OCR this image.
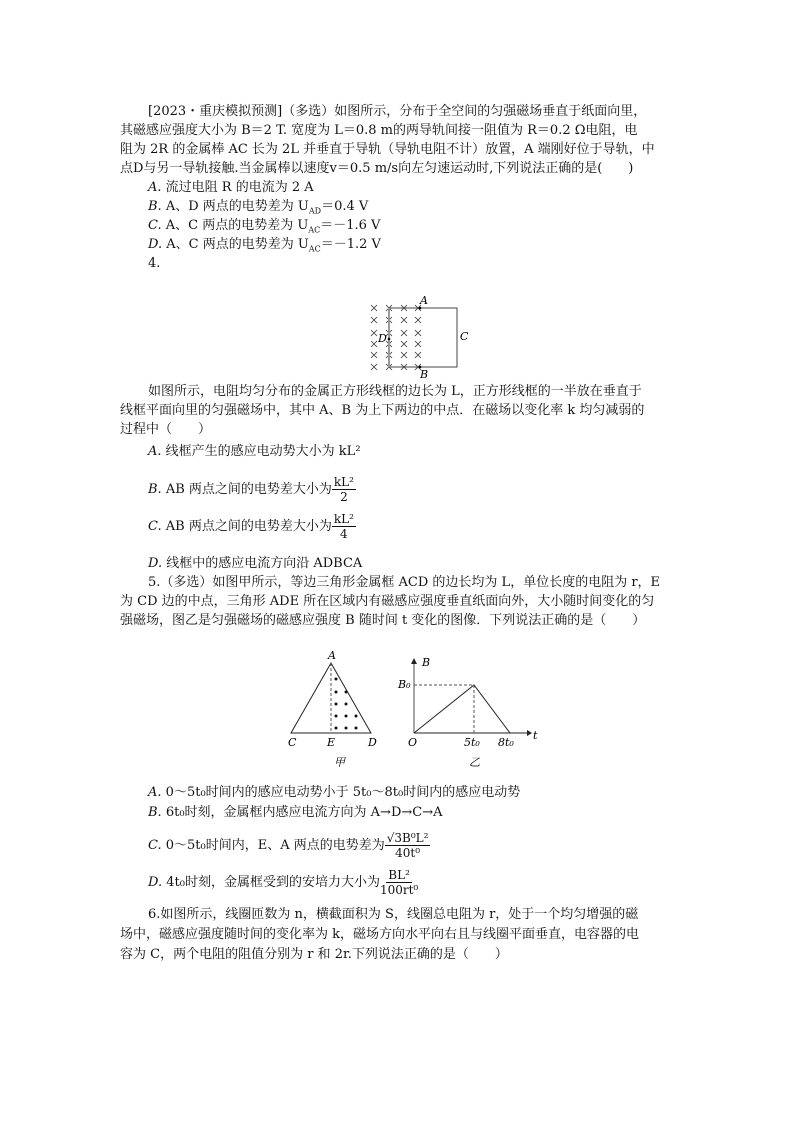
[2023・重庆模拟预测]（多选）如图所示，分布于全空间的匀强磁场垂直于纸面向里，
其磁感应强度大小为 B＝2 T. 宽度为 L＝0.8 m的两导轨间接一阻值为 R＝0.2 Ω电阻，电
阻为 2R 的金属棒 AC 长为 2L 并垂直于导轨（导轨电阻不计）放置，A 端刚好位于导轨，中
点D与另一导轨接触.当金属棒以速度v＝0.5 m/s向左匀速运动时,下列说法正确的是(　　)
A. 流过电阻 R 的电流为 2 A
B. A、D 两点的电势差为 $U_{AD}=0.4$ V
C. A、C 两点的电势差为 $U_{AC}=-1.6$ V
D. A、C 两点的电势差为 $U_{AC}=-1.2$ V
4.
A
B
C
D
如图所示，电阻均匀分布的金属正方形线框的边长为 L，正方形线框的一半放在垂直于
线框平面向里的匀强磁场中，其中 A、B 为上下两边的中点．在磁场以变化率 k 均匀减弱的
过程中（　　）
A. 线框产生的感应电动势大小为 kL²
B. AB 两点之间的电势差大小为 $\frac{\text{kL²}}{2}$
C. AB 两点之间的电势差大小为 $\frac{\text{kL²}}{4}$
D. 线框中的感应电流方向沿 ADBCA
5.（多选）如图甲所示，等边三角形金属框 ACD 的边长均为 L，单位长度的电阻为 r，E
为 CD 边的中点，三角形 ADE 所在区域内有磁感应强度垂直纸面向外，大小随时间变化的匀
强磁场，图乙是匀强磁场的磁感应强度 B 随时间 t 变化的图像．下列说法正确的是（　　）
A
C	E	D
甲
B
t
O
B₀
5t₀ 8t₀
乙
A. 0～5t₀时间内的感应电动势小于 5t₀～8t₀时间内的感应电动势
B. 6t₀时刻，金属框内感应电流方向为 A→D→C→A
C. 0～5t₀时间内，E、A 两点的电势差为 $\frac{\text{√3B⁰L²}}{\text{40t⁰}}$
D. 4t₀时刻，金属框受到的安培力大小为 $\frac{\text{BL²}}{\text{100rt⁰}}$
6.如图所示，线圈匝数为 n，横截面积为 S，线圈总电阻为 r，处于一个均匀增强的磁
场中，磁感应强度随时间的变化率为 k，磁场方向水平向右且与线圈平面垂直，电容器的电
容为 C，两个电阻的阻值分别为 r 和 2r.下列说法正确的是（　　）
